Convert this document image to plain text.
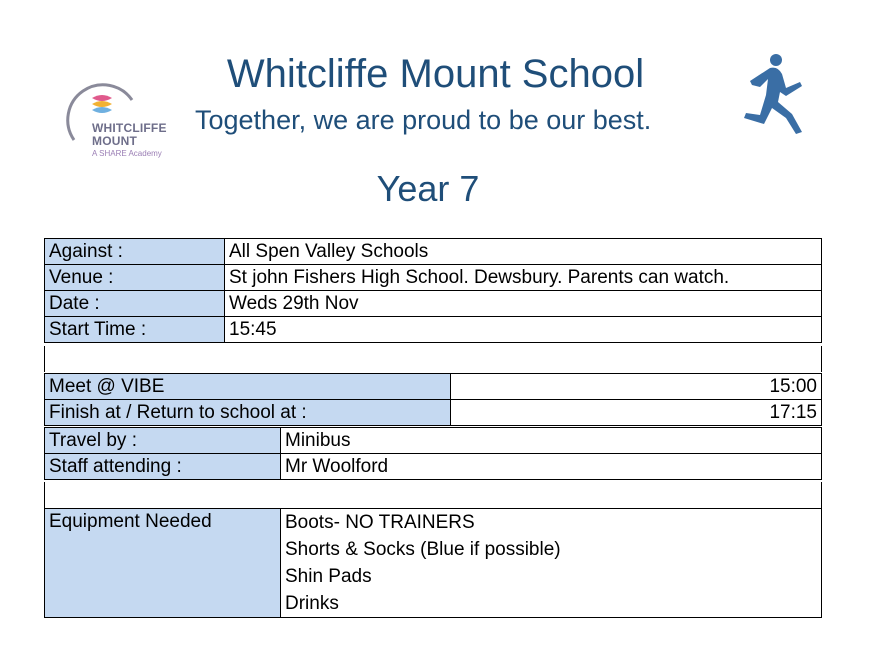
WHITCLIFFE
MOUNT
A SHARE Academy
Whitcliffe Mount School
Together, we are proud to be our best.
Year 7
Against :	All Spen Valley Schools
Venue :	St john Fishers High School. Dewsbury. Parents can watch.
Date :	Weds 29th Nov
Start Time :	15:45
Meet @ VIBE	15:00
Finish at / Return to school at :	17:15
Travel by :	Minibus
Staff attending :	Mr Woolford
Equipment Needed	Boots- NO TRAINERS
Shorts & Socks (Blue if possible)
Shin Pads
Drinks
